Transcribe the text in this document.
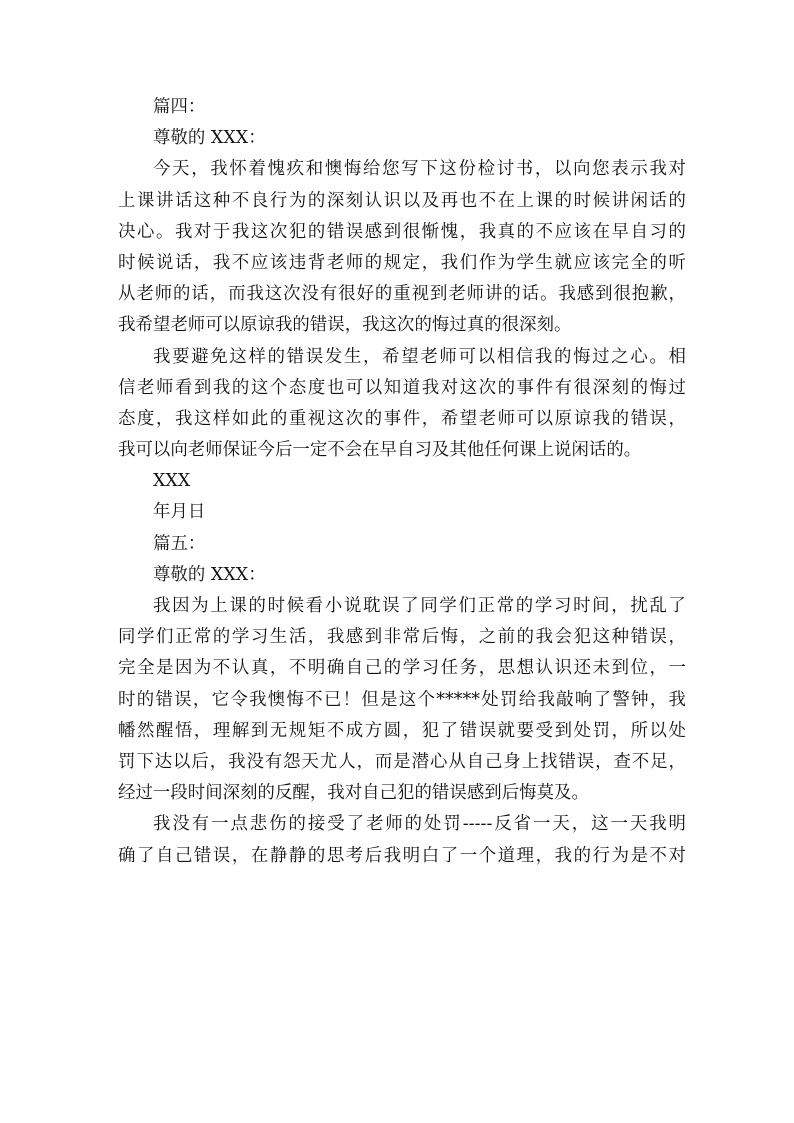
篇四：

尊敬的 XXX：

今天，我怀着愧疚和懊悔给您写下这份检讨书，以向您表示我对

上课讲话这种不良行为的深刻认识以及再也不在上课的时候讲闲话的

决心。我对于我这次犯的错误感到很惭愧，我真的不应该在早自习的

时候说话，我不应该违背老师的规定，我们作为学生就应该完全的听

从老师的话，而我这次没有很好的重视到老师讲的话。我感到很抱歉，

我希望老师可以原谅我的错误，我这次的悔过真的很深刻。

我要避免这样的错误发生，希望老师可以相信我的悔过之心。相

信老师看到我的这个态度也可以知道我对这次的事件有很深刻的悔过

态度，我这样如此的重视这次的事件，希望老师可以原谅我的错误，

我可以向老师保证今后一定不会在早自习及其他任何课上说闲话的。

XXX

年月日

篇五：

尊敬的 XXX：

我因为上课的时候看小说耽误了同学们正常的学习时间，扰乱了

同学们正常的学习生活，我感到非常后悔，之前的我会犯这种错误，

完全是因为不认真，不明确自己的学习任务，思想认识还未到位，一

时的错误，它令我懊悔不已！但是这个*****处罚给我敲响了警钟，我

幡然醒悟，理解到无规矩不成方圆，犯了错误就要受到处罚，所以处

罚下达以后，我没有怨天尤人，而是潜心从自己身上找错误，查不足，

经过一段时间深刻的反醒，我对自己犯的错误感到后悔莫及。

我没有一点悲伤的接受了老师的处罚-----反省一天，这一天我明

确了自己错误，在静静的思考后我明白了一个道理，我的行为是不对
